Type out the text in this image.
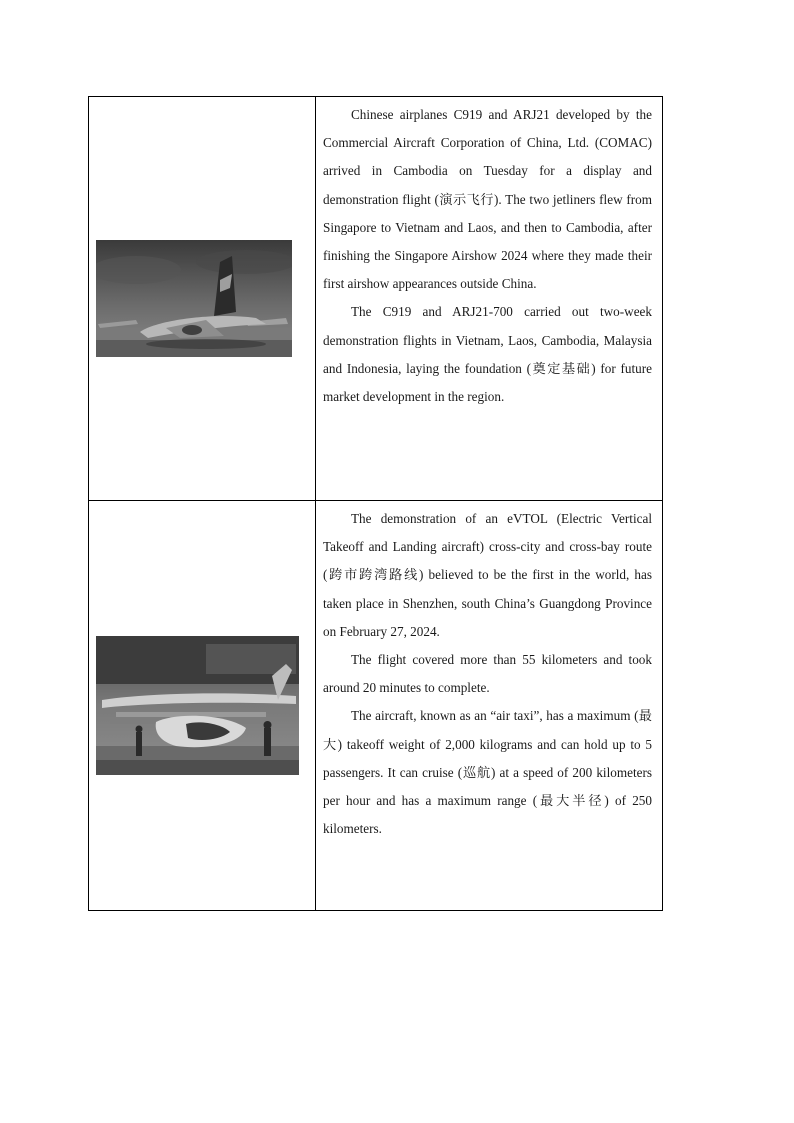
Chinese airplanes C919 and ARJ21 developed by the Commercial Aircraft Corporation of China, Ltd. (COMAC) arrived in Cambodia on Tuesday for a display and demonstration flight (演示飞行). The two jetliners flew from Singapore to Vietnam and Laos, and then to Cambodia, after finishing the Singapore Airshow 2024 where they made their first airshow appearances outside China.

The C919 and ARJ21-700 carried out two-week demonstration flights in Vietnam, Laos, Cambodia, Malaysia and Indonesia, laying the foundation (奠定基础) for future market development in the region.

The demonstration of an eVTOL (Electric Vertical Takeoff and Landing aircraft) cross-city and cross-bay route (跨市跨湾路线) believed to be the first in the world, has taken place in Shenzhen, south China’s Guangdong Province on February 27, 2024.

The flight covered more than 55 kilometers and took around 20 minutes to complete.

The aircraft, known as an “air taxi”, has a maximum (最大) takeoff weight of 2,000 kilograms and can hold up to 5 passengers. It can cruise (巡航) at a speed of 200 kilometers per hour and has a maximum range (最大半径) of 250 kilometers.
